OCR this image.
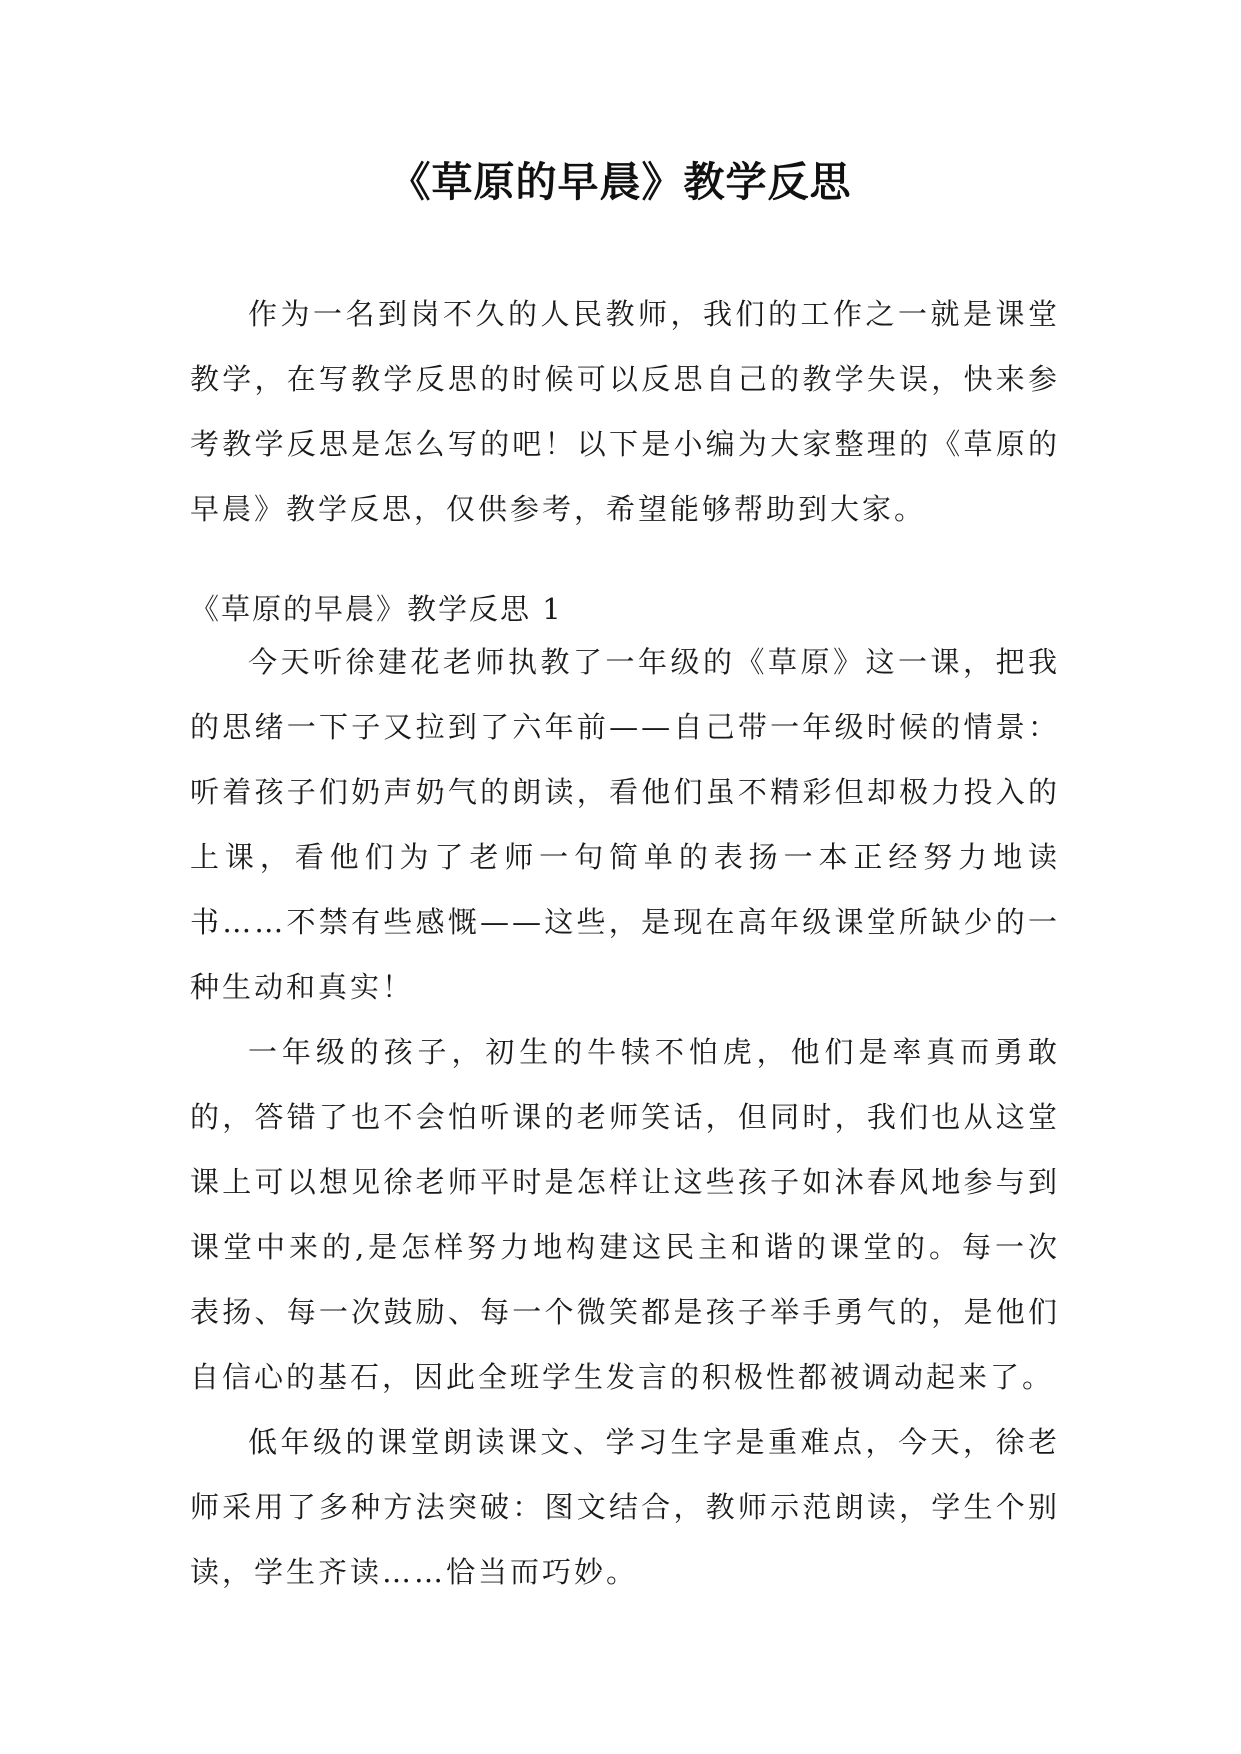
《草原的早晨》教学反思

作为一名到岗不久的人民教师，我们的工作之一就是课堂教学，在写教学反思的时候可以反思自己的教学失误，快来参考教学反思是怎么写的吧！以下是小编为大家整理的《草原的早晨》教学反思，仅供参考，希望能够帮助到大家。

《草原的早晨》教学反思 1

今天听徐建花老师执教了一年级的《草原》这一课，把我的思绪一下子又拉到了六年前——自己带一年级时候的情景：听着孩子们奶声奶气的朗读，看他们虽不精彩但却极力投入的上课，看他们为了老师一句简单的表扬一本正经努力地读书……不禁有些感慨——这些，是现在高年级课堂所缺少的一种生动和真实！

一年级的孩子，初生的牛犊不怕虎，他们是率真而勇敢的，答错了也不会怕听课的老师笑话，但同时，我们也从这堂课上可以想见徐老师平时是怎样让这些孩子如沐春风地参与到课堂中来的,是怎样努力地构建这民主和谐的课堂的。每一次表扬、每一次鼓励、每一个微笑都是孩子举手勇气的，是他们自信心的基石，因此全班学生发言的积极性都被调动起来了。

低年级的课堂朗读课文、学习生字是重难点，今天，徐老师采用了多种方法突破：图文结合，教师示范朗读，学生个别读，学生齐读……恰当而巧妙。
